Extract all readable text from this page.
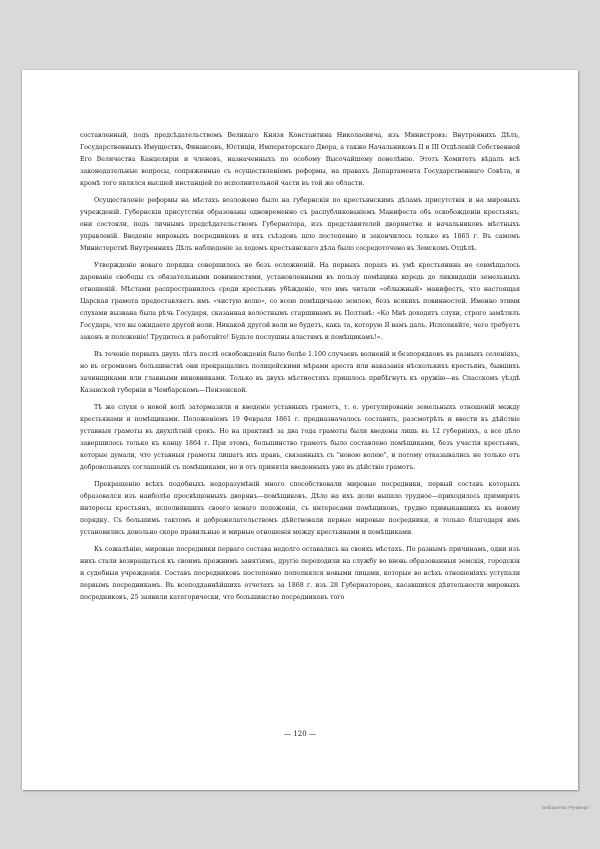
составленный, подъ предсѣдательствомъ Великаго Князя Константина Николаевича, изъ Министровъ: Внутреннихъ Дѣлъ, Государственныхъ Имуществъ, Финансовъ, Юстиціи, Императорскаго Двора, а также Начальниковъ II и III Отдѣленій Собственной Его Величества Канцеляріи и членовъ, назначенныхъ по особому Высочайшему повелѣнію. Этотъ Комитетъ вѣдалъ всѣ законодательные вопросы, сопряженные съ осуществленіемъ реформы, на правахъ Департамента Государственнаго Совѣта, и кромѣ того являлся высшей инстанціей по исполнительной части въ той же области.

Осуществленіе реформы на мѣстахъ возложено было на губернскія по крестьянскимъ дѣламъ присутствія и на мировыхъ учрежденій. Губернскія присутствія образованы одновременно съ распубликованіемъ Манифеста объ освобожденіи крестьянъ; они состояли, подъ личнымъ предсѣдательствомъ Губернатора, изъ представителей дворянства и начальниковъ мѣстныхъ управленій. Введеніе мировыхъ посредниковъ и ихъ съѣздовъ шло постепенно и закончилось только въ 1865 г. Въ самомъ Министерствѣ Внутреннихъ Дѣлъ наблюденіе за ходомъ крестьянскаго дѣла было сосредоточено въ Земскомъ Отдѣлѣ.

Утвержденіе новаго порядка совершилось не безъ осложненій. На первыхъ порахъ въ умѣ крестьянина не совмѣщалось дарованіе свободы съ обязательными повинностями, установленными въ пользу помѣщика впредь до ликвидаціи земельныхъ отношеній. Мѣстами распространилось среди крестьянъ убѣжденіе, что имъ читали «облыжный» манифестъ, что настоящая Царская грамота предоставляетъ имъ «чистую волю», со всею помѣщичьею землею, безъ всякихъ повинностей. Именно этими слухами вызвана была рѣчь Государя, сказанная волостнымъ старшинамъ въ Полтавѣ: «Ко Мнѣ доходятъ слухи, строго замѣтилъ Государь, что вы ожидаете другой воли. Никакой другой воли не будетъ, какъ та, которую Я вамъ далъ. Исполняйте, чего требуетъ законъ и положеніе! Трудитесь и работайте! Будьте послушны властямъ и помѣщикамъ!».

Въ теченіе первыхъ двухъ лѣтъ послѣ освобожденія было болѣе 1.100 случаевъ волненій и безпорядковъ въ разныхъ селеніяхъ, но въ огромномъ большинствѣ они прекращались полицейскими мѣрами ареста или наказанія нѣсколькихъ крестьянъ, бывшихъ зачинщиками или главными виновниками. Только въ двухъ мѣстностяхъ пришлось прибѣгнуть къ оружію—въ Спасскомъ уѣздѣ Казанской губерніи и Чембарскомъ—Пензенской.

Тѣ же слухи о новой волѣ затормазили и введеніе уставныхъ грамотъ, т. е. урегулированіе земельныхъ отношеній между крестьянами и помѣщиками. Положеніемъ 19 Февраля 1861 г. предназначалось составить, разсмотрѣть и ввести въ дѣйствіе уставныя грамоты въ двухлѣтній срокъ. Но на практикѣ за два года грамоты были введены лишь въ 12 губерніяхъ, а все дѣло завершилось только къ концу 1864 г. При этомъ, большинство грамотъ было составлено помѣщиками, безъ участія крестьянъ, которые думали, что уставныя грамоты лишатъ ихъ правъ, связанныхъ съ "новою волею", и потому отказывались не только отъ добровольныхъ соглашеній съ помѣщиками, но и отъ принятія введенныхъ уже въ дѣйствіе грамотъ.

Прекращенію всѣхъ подобныхъ недоразумѣній много способствовали мировые посредники, первый составъ которыхъ образовался изъ наиболѣе просвѣщенныхъ дворянъ—помѣщиковъ. Дѣло на ихъ долю выпало трудное—приходилось примирять интересы крестьянъ, исполнявшихъ своего новаго положенія, съ интересами помѣщиковъ, трудно привыкавшихъ къ новому порядку. Съ большимъ тактомъ и доброжелательствомъ дѣйствовали первые мировые посредники, и только благодаря имъ установились довольно скоро правильные и мирные отношенія между крестьянами и помѣщиками.

Къ сожалѣнію, мировые посредники перваго состава недолго оставались на своихъ мѣстахъ. По разнымъ причинамъ, одни изъ нихъ стали возвращаться къ своимъ прежнимъ занятіямъ, другіе переходили на службу во вновь образованныя земскія, городскія и судебныя учрежденія. Составъ посредниковъ постепенно пополнялся новыми лицами, которые во всѣхъ отношеніяхъ уступали первымъ посредникамъ. Въ всеподданнѣйшихъ отчетахъ за 1868 г. изъ 28 Губернаторовъ, касавшихся дѣятельности мировыхъ посредниковъ, 25 заявили категорически, что большинство посредниковъ того

— 120 —
Библиотека "Руниверс"
